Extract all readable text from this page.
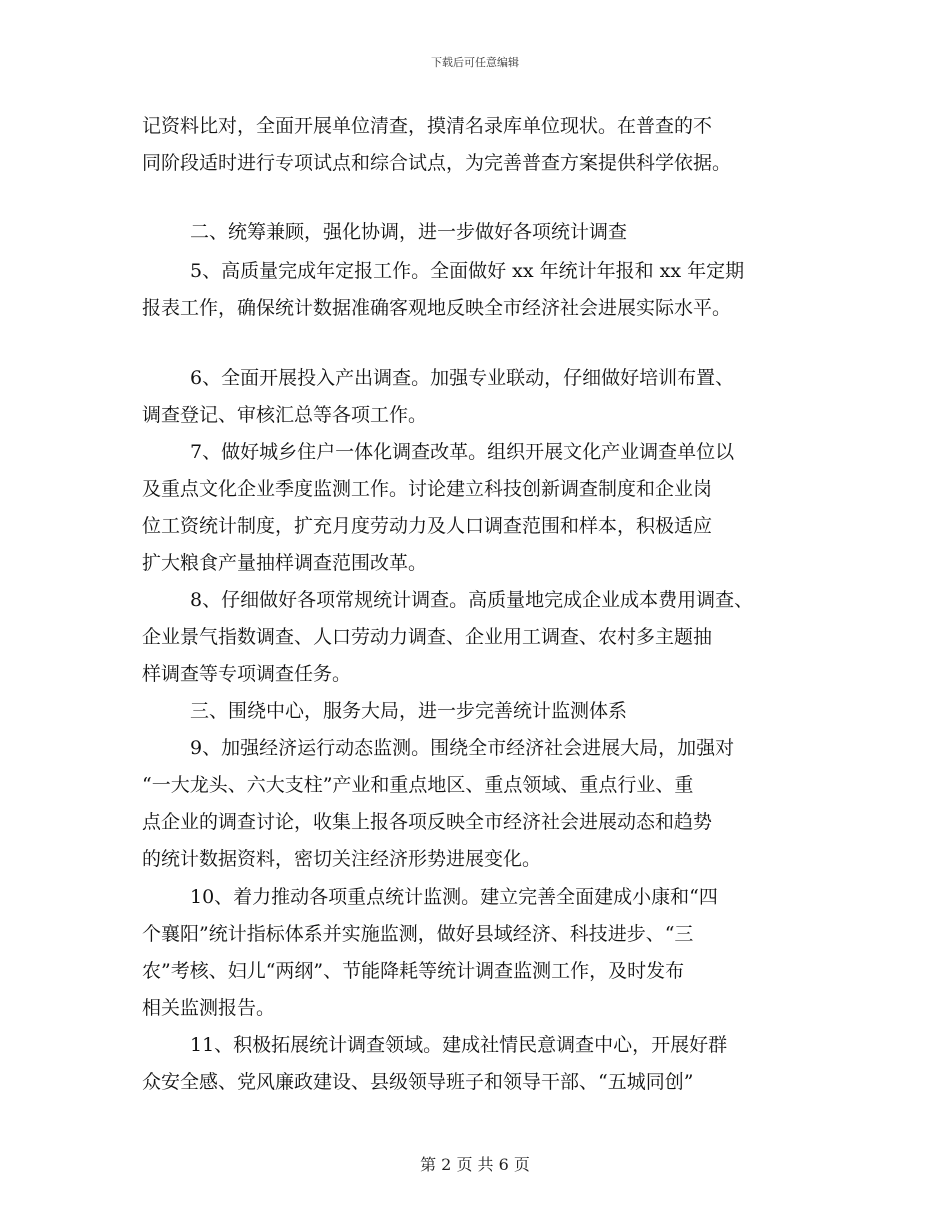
下载后可任意编辑
记资料比对，全面开展单位清查，摸清名录库单位现状。在普查的不
同阶段适时进行专项试点和综合试点，为完善普查方案提供科学依据。
二、统筹兼顾，强化协调，进一步做好各项统计调查
5、高质量完成年定报工作。全面做好 xx 年统计年报和 xx 年定期
报表工作，确保统计数据准确客观地反映全市经济社会进展实际水平。
6、全面开展投入产出调查。加强专业联动，仔细做好培训布置、
调查登记、审核汇总等各项工作。
7、做好城乡住户一体化调查改革。组织开展文化产业调查单位以
及重点文化企业季度监测工作。讨论建立科技创新调查制度和企业岗
位工资统计制度，扩充月度劳动力及人口调查范围和样本，积极适应
扩大粮食产量抽样调查范围改革。
8、仔细做好各项常规统计调查。高质量地完成企业成本费用调查、
企业景气指数调查、人口劳动力调查、企业用工调查、农村多主题抽
样调查等专项调查任务。
三、围绕中心，服务大局，进一步完善统计监测体系
9、加强经济运行动态监测。围绕全市经济社会进展大局，加强对
“一大龙头、六大支柱”产业和重点地区、重点领域、重点行业、重
点企业的调查讨论，收集上报各项反映全市经济社会进展动态和趋势
的统计数据资料，密切关注经济形势进展变化。
10、着力推动各项重点统计监测。建立完善全面建成小康和“四
个襄阳”统计指标体系并实施监测，做好县域经济、科技进步、“三
农”考核、妇儿“两纲”、节能降耗等统计调查监测工作，及时发布
相关监测报告。
11、积极拓展统计调查领域。建成社情民意调查中心，开展好群
众安全感、党风廉政建设、县级领导班子和领导干部、“五城同创”
第 2 页 共 6 页
